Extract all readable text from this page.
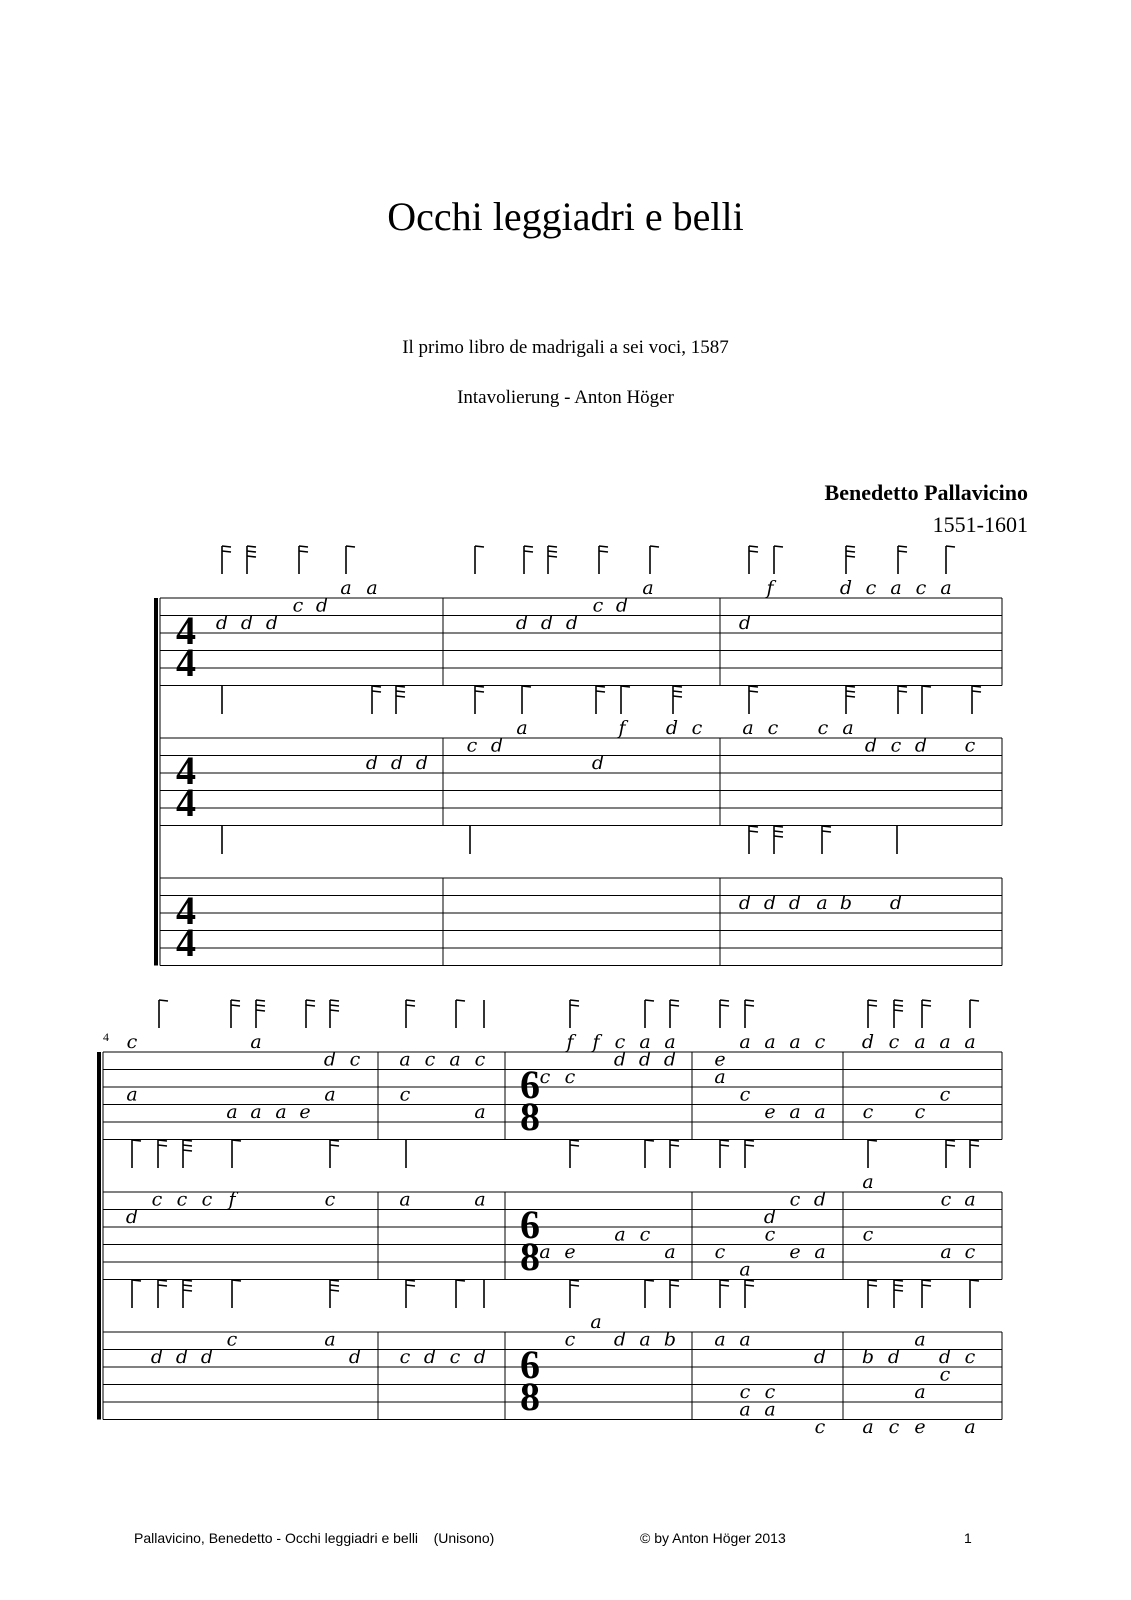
Occhi leggiadri e belli
Il primo libro de madrigali a sei voci, 1587
Intavolierung - Anton Höger
Benedetto Pallavicino
1551-1601
4
4
4
4
4
4
6
8
6
8
6
8
d d d
c d
a a
d d d
c d
a	f
d
d c a c a
d d d
c d
a
d
f d c a c c a
d c d c
d d d a b d
c	a
a
a a a e
a
d c a c a c
c
a
f f c a a
c c
d d d e
a
a a a c
c
e a a
d c a a a
c c
c
d
c c c f	c	a	a
a e
a c
a c
a
c
d
c d
e a
a
c
c a
a c
d d d
c	a
d c d c d
c
a
d a b a a
d
c c
a a
c
b d
a
d c
a
c
a c e a
4
Pallavicino, Benedetto - Occhi leggiadri e belli    (Unisono)	© by Anton Höger 2013	1
